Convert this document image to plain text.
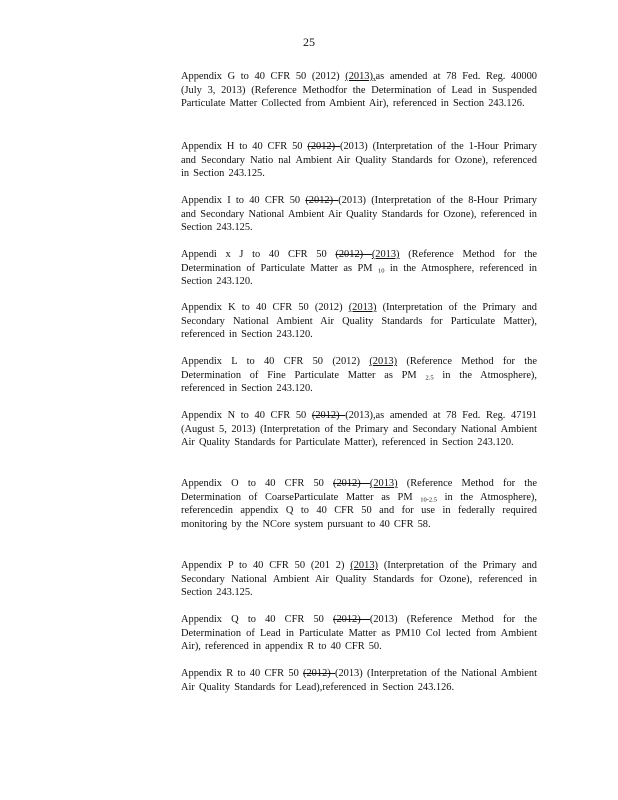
25

Appendix G to 40 CFR 50 (2012) (2013),as amended at 78 Fed. Reg. 40000 (July 3, 2013) (Reference Methodfor the Determination of Lead in Suspended Particulate Matter Collected from Ambient Air), referenced in Section 243.126.

Appendix H to 40 CFR 50 (2012) (2013) (Interpretation of the 1-Hour Primary and Secondary Natio nal Ambient Air Quality Standards for Ozone), referenced in Section 243.125.

Appendix I to 40 CFR 50 (2012) (2013) (Interpretation of the 8-Hour Primary and Secondary National Ambient Air Quality Standards for Ozone), referenced in Section 243.125.

Appendi x J to 40 CFR 50 (2012) (2013) (Reference Method for the Determination of Particulate Matter as PM $_{10}$ in the Atmosphere, referenced in Section 243.120.

Appendix K to 40 CFR 50 (2012) (2013) (Interpretation of the Primary and Secondary National Ambient Air Quality Standards for Particulate Matter), referenced in Section 243.120.

Appendix L to 40 CFR 50 (2012) (2013) (Reference Method for the Determination of Fine Particulate Matter as PM $_{2.5}$ in the Atmosphere), referenced in Section 243.120.

Appendix N to 40 CFR 50 (2012) (2013),as amended at 78 Fed. Reg. 47191 (August 5, 2013) (Interpretation of the Primary and Secondary National Ambient Air Quality Standards for Particulate Matter), referenced in Section 243.120.

Appendix O to 40 CFR 50 (2012) (2013) (Reference Method for the Determination of CoarseParticulate Matter as PM $_{10-2.5}$ in the Atmosphere), referencedin appendix Q to 40 CFR 50 and for use in federally required monitoring by the NCore system pursuant to 40 CFR 58.

Appendix P to 40 CFR 50 (201 2) (2013) (Interpretation of the Primary and Secondary National Ambient Air Quality Standards for Ozone), referenced in Section 243.125.

Appendix Q to 40 CFR 50 (2012) (2013) (Reference Method for the Determination of Lead in Particulate Matter as PM10 Col lected from Ambient Air), referenced in appendix R to 40 CFR 50.

Appendix R to 40 CFR 50 (2012) (2013) (Interpretation of the National Ambient Air Quality Standards for Lead),referenced in Section 243.126.
